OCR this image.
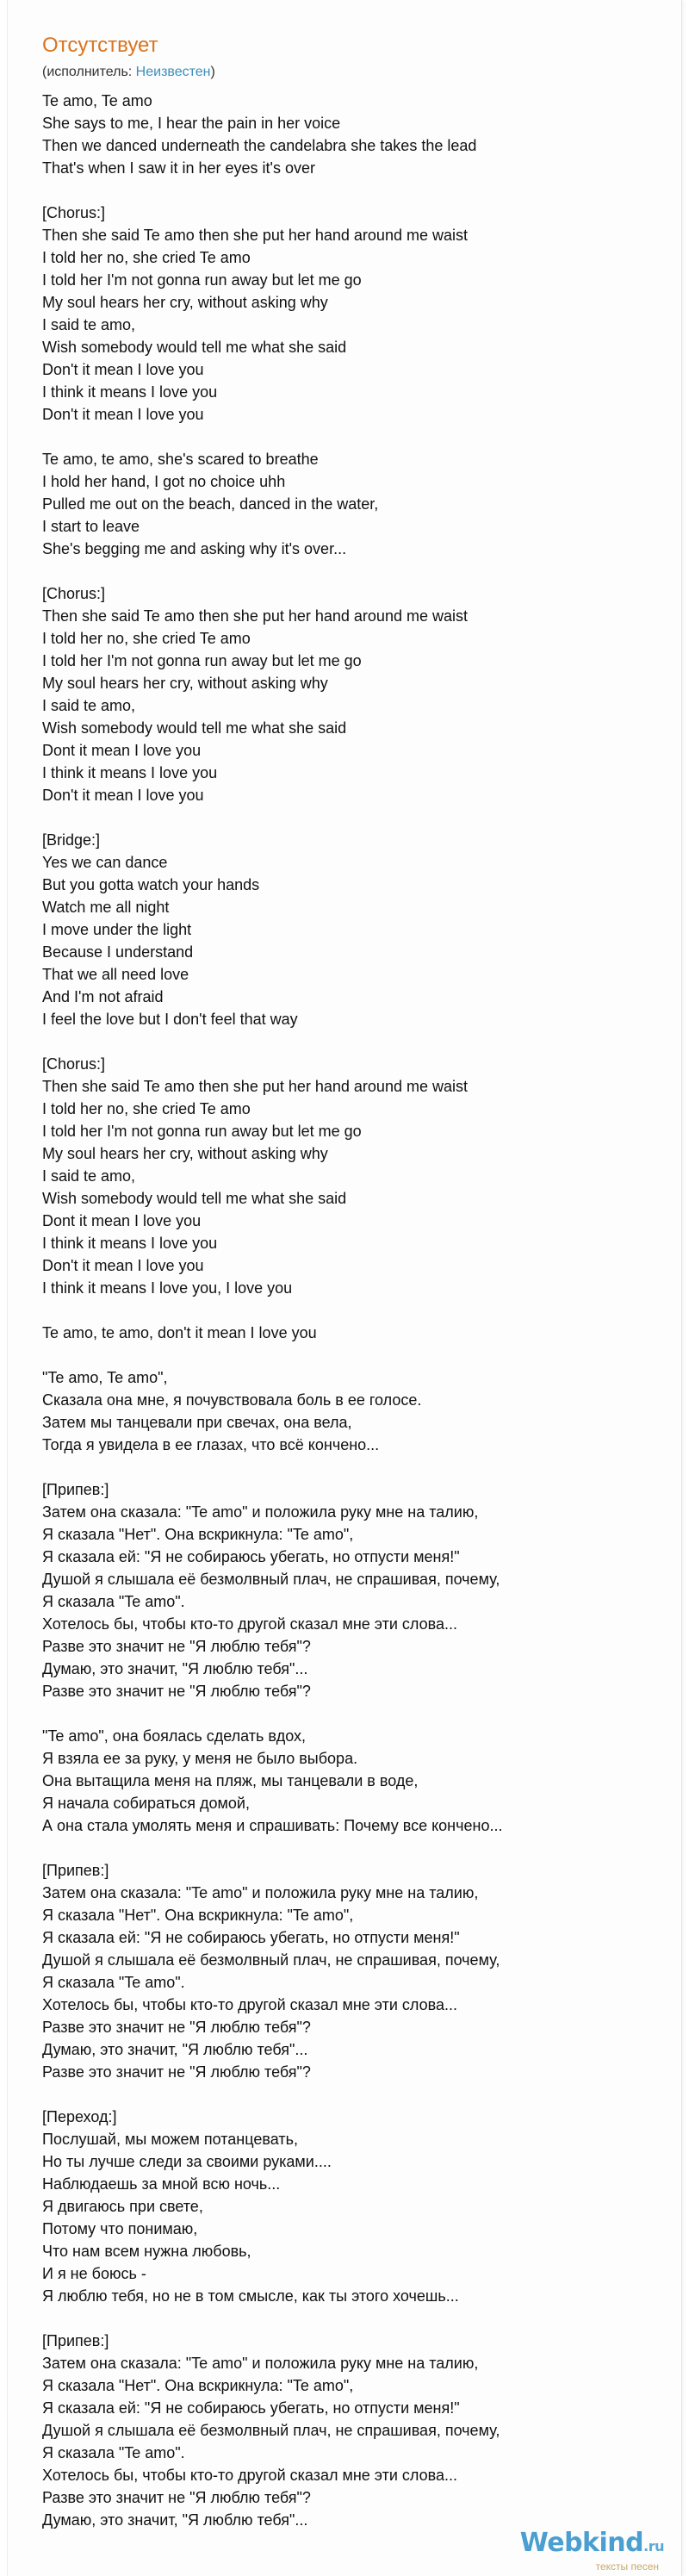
Отсутствует
(исполнитель: Неизвестен)
Te amo, Te amo
She says to me, I hear the pain in her voice
Then we danced underneath the candelabra she takes the lead
That's when I saw it in her eyes it's over
[Chorus:]
Then she said Te amo then she put her hand around me waist
I told her no, she cried Te amo
I told her I'm not gonna run away but let me go
My soul hears her cry, without asking why
I said te amo,
Wish somebody would tell me what she said
Don't it mean I love you
I think it means I love you
Don't it mean I love you
Te amo, te amo, she's scared to breathe
I hold her hand, I got no choice uhh
Pulled me out on the beach, danced in the water,
I start to leave
She's begging me and asking why it's over...
[Chorus:]
Then she said Te amo then she put her hand around me waist
I told her no, she cried Te amo
I told her I'm not gonna run away but let me go
My soul hears her cry, without asking why
I said te amo,
Wish somebody would tell me what she said
Dont it mean I love you
I think it means I love you
Don't it mean I love you
[Bridge:]
Yes we can dance
But you gotta watch your hands
Watch me all night
I move under the light
Because I understand
That we all need love
And I'm not afraid
I feel the love but I don't feel that way
[Chorus:]
Then she said Te amo then she put her hand around me waist
I told her no, she cried Te amo
I told her I'm not gonna run away but let me go
My soul hears her cry, without asking why
I said te amo,
Wish somebody would tell me what she said
Dont it mean I love you
I think it means I love you
Don't it mean I love you
I think it means I love you, I love you
Te amo, te amo, don't it mean I love you
"Te amo, Te amo",
Сказала она мне, я почувствовала боль в ее голосе.
Затем мы танцевали при свечах, она вела,
Тогда я увидела в ее глазах, что всё кончено...
[Припев:]
Затем она сказала: "Te amo" и положила руку мне на талию,
Я сказала "Нет". Она вскрикнула: "Te amo",
Я сказала ей: "Я не собираюсь убегать, но отпусти меня!"
Душой я слышала её безмолвный плач, не спрашивая, почему,
Я сказала "Te amo".
Хотелось бы, чтобы кто-то другой сказал мне эти слова...
Разве это значит не "Я люблю тебя"?
Думаю, это значит, "Я люблю тебя"...
Разве это значит не "Я люблю тебя"?
"Te amo", она боялась сделать вдох,
Я взяла ее за руку, у меня не было выбора.
Она вытащила меня на пляж, мы танцевали в воде,
Я начала собираться домой,
А она стала умолять меня и спрашивать: Почему все кончено...
[Припев:]
Затем она сказала: "Te amo" и положила руку мне на талию,
Я сказала "Нет". Она вскрикнула: "Te amo",
Я сказала ей: "Я не собираюсь убегать, но отпусти меня!"
Душой я слышала её безмолвный плач, не спрашивая, почему,
Я сказала "Te amo".
Хотелось бы, чтобы кто-то другой сказал мне эти слова...
Разве это значит не "Я люблю тебя"?
Думаю, это значит, "Я люблю тебя"...
Разве это значит не "Я люблю тебя"?
[Переход:]
Послушай, мы можем потанцевать,
Но ты лучше следи за своими руками....
Наблюдаешь за мной всю ночь...
Я двигаюсь при свете,
Потому что понимаю,
Что нам всем нужна любовь,
И я не боюсь -
Я люблю тебя, но не в том смысле, как ты этого хочешь...
[Припев:]
Затем она сказала: "Te amo" и положила руку мне на талию,
Я сказала "Нет". Она вскрикнула: "Te amo",
Я сказала ей: "Я не собираюсь убегать, но отпусти меня!"
Душой я слышала её безмолвный плач, не спрашивая, почему,
Я сказала "Te amo".
Хотелось бы, чтобы кто-то другой сказал мне эти слова...
Разве это значит не "Я люблю тебя"?
Думаю, это значит, "Я люблю тебя"...
Webkind.ru
тексты песен
